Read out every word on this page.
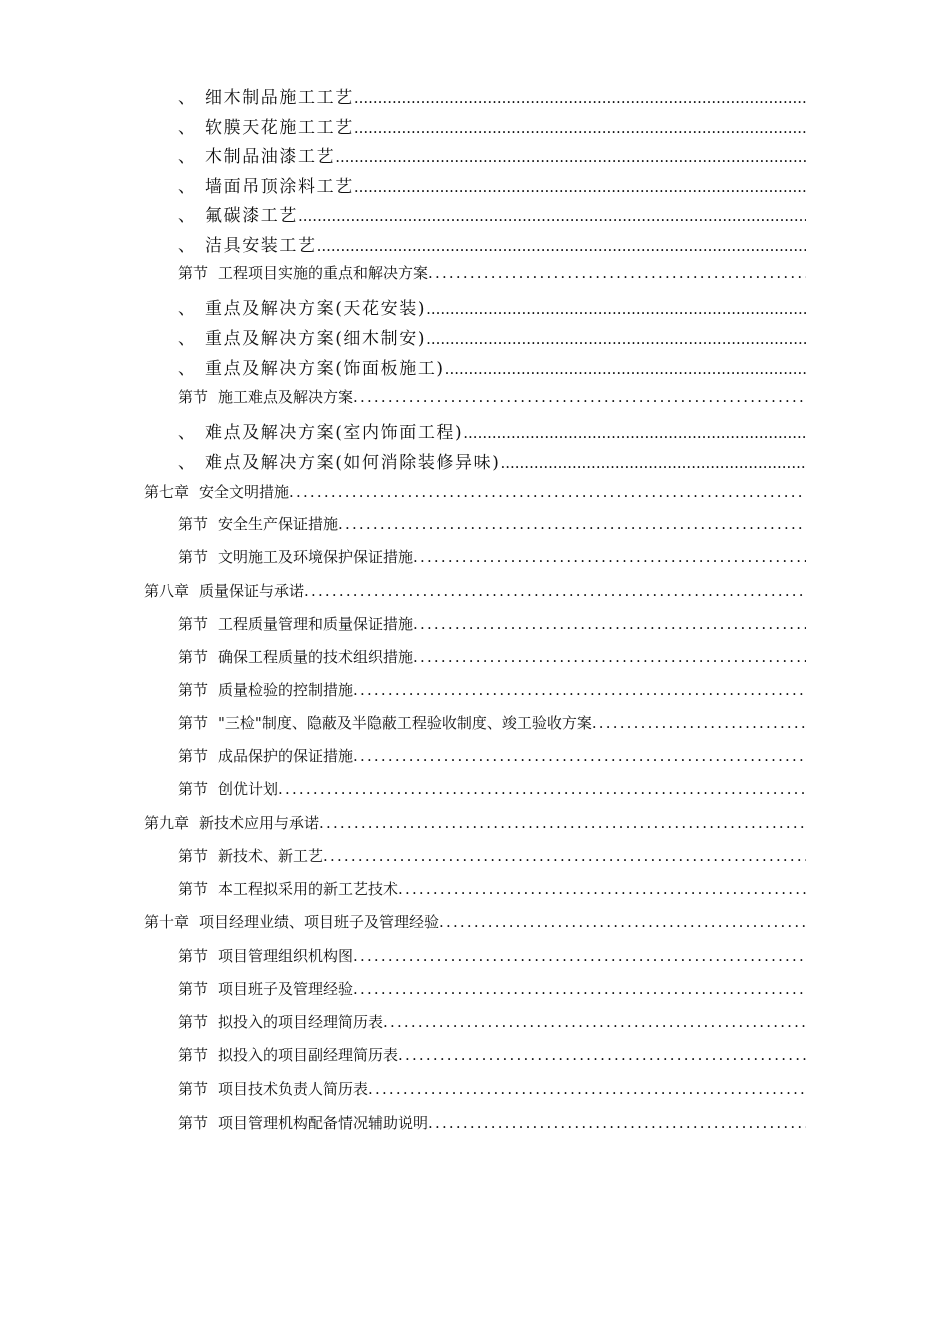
、 细木制品施工工艺
.....
、 软膜天花施工工艺
.....
、 木制品油漆工艺
.....
、 墙面吊顶涂料工艺
.....
、 氟碳漆工艺
.....
、 洁具安装工艺
.....
第节 工程项目实施的重点和解决方案
.....
、 重点及解决方案(天花安装)
.....
、 重点及解决方案(细木制安)
.....
、 重点及解决方案(饰面板施工)
.....
第节 施工难点及解决方案
.....
、 难点及解决方案(室内饰面工程)
.....
、 难点及解决方案(如何消除装修异味)
.....
第七章 安全文明措施
.....
第节 安全生产保证措施
.....
第节 文明施工及环境保护保证措施
.....
第八章 质量保证与承诺
.....
第节 工程质量管理和质量保证措施
.....
第节 确保工程质量的技术组织措施
.....
第节 质量检验的控制措施
.....
第节 "三检"制度、隐蔽及半隐蔽工程验收制度、竣工验收方案
.....
第节 成品保护的保证措施
.....
第节 创优计划
.....
第九章 新技术应用与承诺
.....
第节 新技术、新工艺
.....
第节 本工程拟采用的新工艺技术
.....
第十章 项目经理业绩、项目班子及管理经验
.....
第节 项目管理组织机构图
.....
第节 项目班子及管理经验
.....
第节 拟投入的项目经理简历表
.....
第节 拟投入的项目副经理简历表
.....
第节 项目技术负责人简历表
.....
第节 项目管理机构配备情况辅助说明
.....
